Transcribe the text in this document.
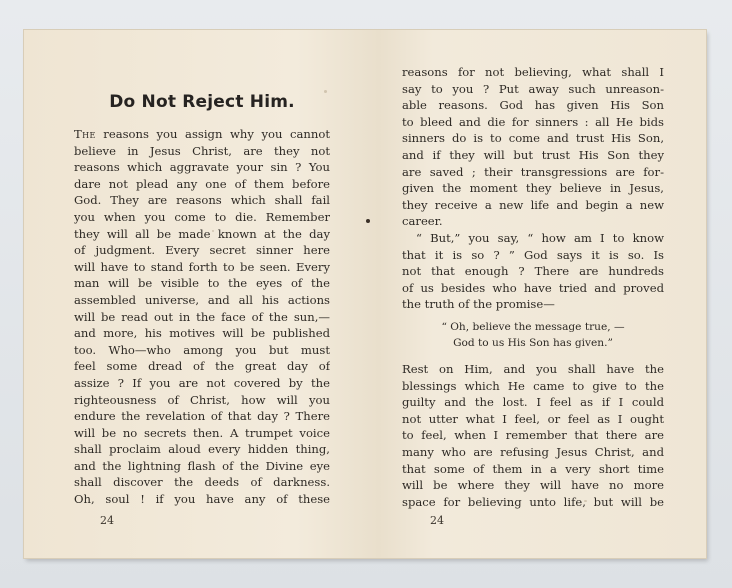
Do Not Reject Him.
The reasons you assign why you cannot
believe in Jesus Christ, are they not
reasons which aggravate your sin ? You
dare not plead any one of them before
God. They are reasons which shall fail
you when you come to die. Remember
they will all be made known at the day
of judgment. Every secret sinner here
will have to stand forth to be seen. Every
man will be visible to the eyes of the
assembled universe, and all his actions
will be read out in the face of the sun,—
and more, his motives will be published
too. Who—who among you but must
feel some dread of the great day of
assize ? If you are not covered by the
righteousness of Christ, how will you
endure the revelation of that day ? There
will be no secrets then. A trumpet voice
shall proclaim aloud every hidden thing,
and the lightning flash of the Divine eye
shall discover the deeds of darkness.
Oh, soul ! if you have any of these
24
reasons for not believing, what shall I
say to you ? Put away such unreason-
able reasons. God has given His Son
to bleed and die for sinners : all He bids
sinners do is to come and trust His Son,
and if they will but trust His Son they
are saved ; their transgressions are for-
given the moment they believe in Jesus,
they receive a new life and begin a new
career.
“ But,” you say, “ how am I to know
that it is so ? ” God says it is so. Is
not that enough ? There are hundreds
of us besides who have tried and proved
the truth of the promise—
“ Oh, believe the message true, —
God to us His Son has given.”
Rest on Him, and you shall have the
blessings which He came to give to the
guilty and the lost. I feel as if I could
not utter what I feel, or feel as I ought
to feel, when I remember that there are
many who are refusing Jesus Christ, and
that some of them in a very short time
will be where they will have no more
space for believing unto life, but will be
24
